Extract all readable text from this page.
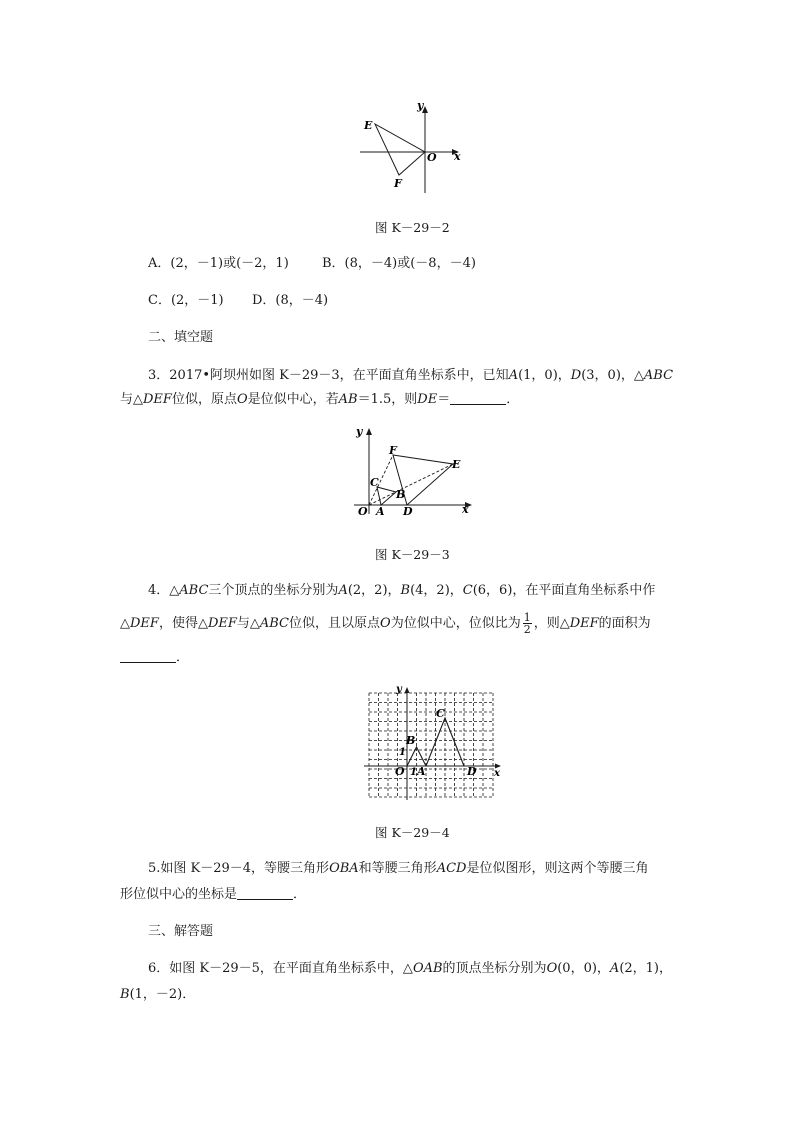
y
x
E
O
F
图 K－29－2
A．(2，－1)或(－2，1)	B．(8，－4)或(－8，－4)
C．(2，－1) D．(8，－4)
二、填空题
3．2017•阿坝州如图 K－29－3，在平面直角坐标系中，已知A(1，0)，D(3，0)，△ABC
与△DEF位似，原点O是位似中心，若AB＝1.5，则DE＝	．
y
x
F
E
C
B
O A D
图 K－29－3
4．△ABC三个顶点的坐标分别为A(2，2)，B(4，2)，C(6，6)，在平面直角坐标系中作
△DEF，使得△DEF与△ABC位似，且以原点O为位似中心，位似比为 $\frac{1}{2}$ ，则△DEF的面积为
．
y
x
B
C
1
O 1 A	D
图 K－29－4
5.如图 K－29－4，等腰三角形OBA和等腰三角形ACD是位似图形，则这两个等腰三角
形位似中心的坐标是	．
三、解答题
6．如图 K－29－5，在平面直角坐标系中，△OAB的顶点坐标分别为O(0，0)，A(2，1)，
B(1，－2)．
